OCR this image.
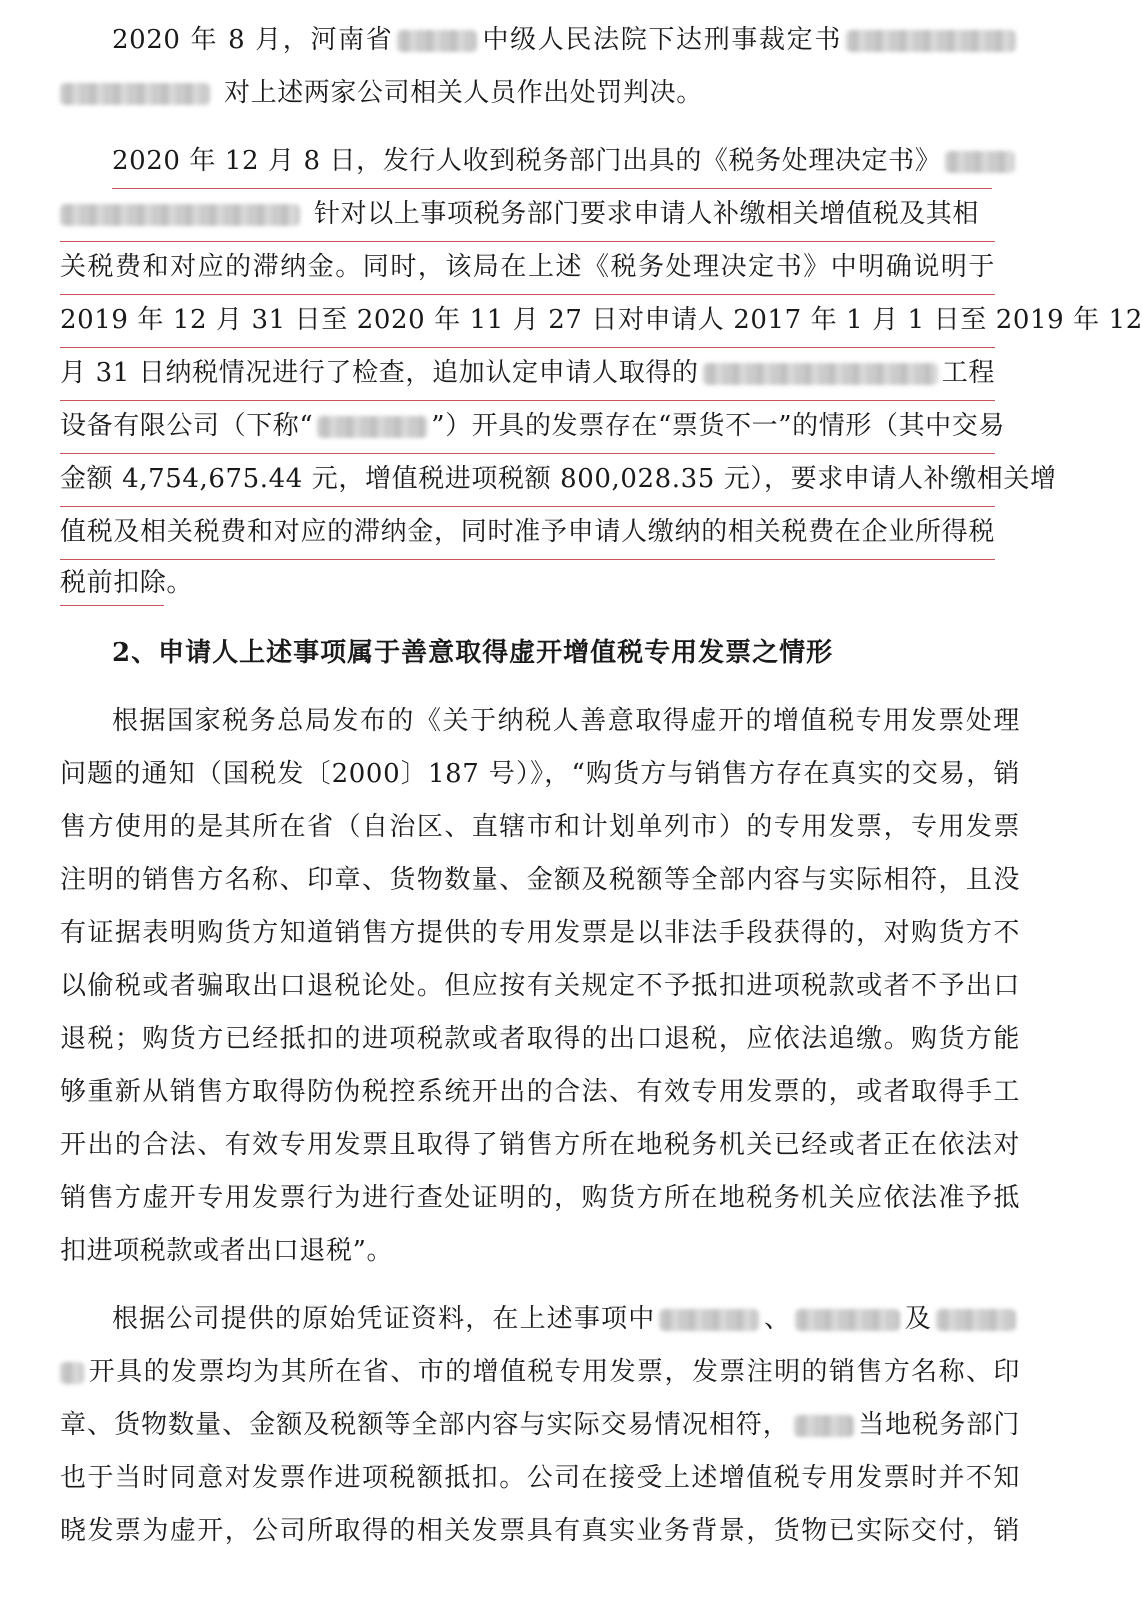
2020 年 8 月，河南省	中级人民法院下达刑事裁定书
对上述两家公司相关人员作出处罚判决。
2020 年 12 月 8 日，发行人收到税务部门出具的《税务处理决定书》
针对以上事项税务部门要求申请人补缴相关增值税及其相
关税费和对应的滞纳金。同时，该局在上述《税务处理决定书》中明确说明于
2019 年 12 月 31 日至 2020 年 11 月 27 日对申请人 2017 年 1 月 1 日至 2019 年 12
月 31 日纳税情况进行了检查，追加认定申请人取得的	工程
设备有限公司（下称“	”）开具的发票存在“票货不一”的情形（其中交易
金额 4,754,675.44 元，增值税进项税额 800,028.35 元），要求申请人补缴相关增
值税及相关税费和对应的滞纳金，同时准予申请人缴纳的相关税费在企业所得税
税前扣除。
2、申请人上述事项属于善意取得虚开增值税专用发票之情形
根据国家税务总局发布的《关于纳税人善意取得虚开的增值税专用发票处理
问题的通知（国税发〔2000〕187 号）》，“购货方与销售方存在真实的交易，销
售方使用的是其所在省（自治区、直辖市和计划单列市）的专用发票，专用发票
注明的销售方名称、印章、货物数量、金额及税额等全部内容与实际相符，且没
有证据表明购货方知道销售方提供的专用发票是以非法手段获得的，对购货方不
以偷税或者骗取出口退税论处。但应按有关规定不予抵扣进项税款或者不予出口
退税；购货方已经抵扣的进项税款或者取得的出口退税，应依法追缴。购货方能
够重新从销售方取得防伪税控系统开出的合法、有效专用发票的，或者取得手工
开出的合法、有效专用发票且取得了销售方所在地税务机关已经或者正在依法对
销售方虚开专用发票行为进行查处证明的，购货方所在地税务机关应依法准予抵
扣进项税款或者出口退税”。
根据公司提供的原始凭证资料，在上述事项中	、	及
开具的发票均为其所在省、市的增值税专用发票，发票注明的销售方名称、印
章、货物数量、金额及税额等全部内容与实际交易情况相符，	当地税务部门
也于当时同意对发票作进项税额抵扣。公司在接受上述增值税专用发票时并不知
晓发票为虚开，公司所取得的相关发票具有真实业务背景，货物已实际交付，销
